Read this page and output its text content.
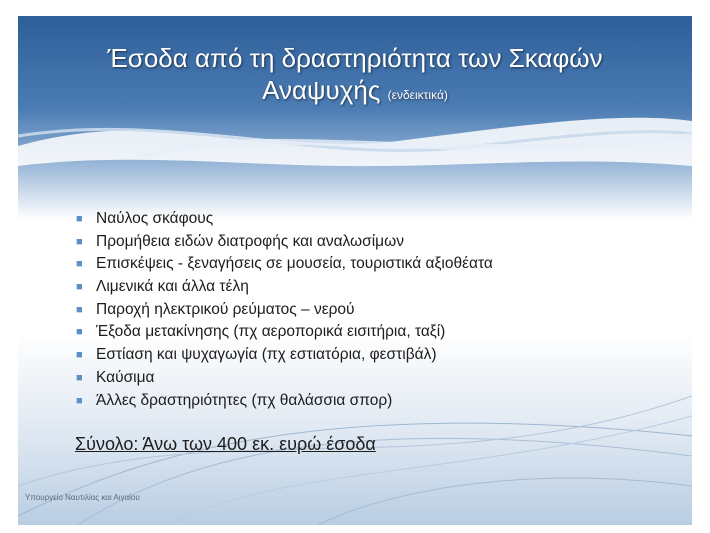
Έσοδα από τη δραστηριότητα των Σκαφών
Αναψυχής (ενδεικτικά)
■ Ναύλος σκάφους
■ Προμήθεια ειδών διατροφής και αναλωσίμων
■ Επισκέψεις - ξεναγήσεις σε μουσεία, τουριστικά αξιοθέατα
■ Λιμενικά και άλλα τέλη
■ Παροχή ηλεκτρικού ρεύματος – νερού
■ Έξοδα μετακίνησης (πχ αεροπορικά εισιτήρια, ταξί)
■ Εστίαση και ψυχαγωγία (πχ εστιατόρια, φεστιβάλ)
■ Καύσιμα
■ Άλλες δραστηριότητες (πχ θαλάσσια σπορ)
Σύνολο: Άνω των 400 εκ. ευρώ έσοδα
Υπουργείο Ναυτιλίας και Αιγαίου
